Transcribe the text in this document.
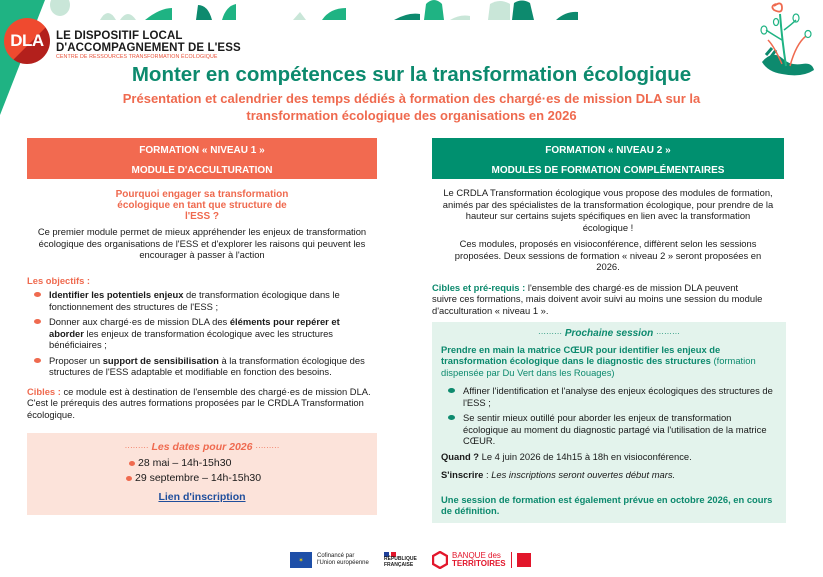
DLA LE DISPOSITIF LOCAL
D'ACCOMPAGNEMENT DE L'ESS
CENTRE DE RESSOURCES TRANSFORMATION ÉCOLOGIQUE
Monter en compétences sur la transformation écologique
Présentation et calendrier des temps dédiés à formation des chargé·es de mission DLA sur la transformation écologique des organisations en 2026
FORMATION « NIVEAU 1 »
MODULE D'ACCULTURATION
Pourquoi engager sa transformation écologique en tant que structure de l'ESS ?
Ce premier module permet de mieux appréhender les enjeux de transformation écologique des organisations de l'ESS et d'explorer les raisons qui peuvent les encourager à passer à l'action
Les objectifs :
Identifier les potentiels enjeux de transformation écologique dans le fonctionnement des structures de l'ESS ;
Donner aux chargé·es de mission DLA des éléments pour repérer et aborder les enjeux de transformation écologique avec les structures bénéficiaires ;
Proposer un support de sensibilisation à la transformation écologique des structures de l'ESS adaptable et modifiable en fonction des besoins.
Cibles : ce module est à destination de l'ensemble des chargé·es de mission DLA. C'est le prérequis des autres formations proposées par le CRDLA Transformation écologique.
········· Les dates pour 2026 ·········
28 mai – 14h-15h30
29 septembre – 14h-15h30
Lien d'inscription
FORMATION « NIVEAU 2 »
MODULES DE FORMATION COMPLÉMENTAIRES
Le CRDLA Transformation écologique vous propose des modules de formation, animés par des spécialistes de la transformation écologique, pour prendre de la hauteur sur certains sujets spécifiques en lien avec la transformation écologique !
Ces modules, proposés en visioconférence, diffèrent selon les sessions proposées. Deux sessions de formation « niveau 2 » seront proposées en 2026.
Cibles et pré-requis : l'ensemble des chargé·es de mission DLA peuvent suivre ces formations, mais doivent avoir suivi au moins une session du module d'acculturation « niveau 1 ».
········· Prochaine session ·········
Prendre en main la matrice CŒUR pour identifier les enjeux de transformation écologique dans le diagnostic des structures (formation dispensée par Du Vert dans les Rouages)
Affiner l'identification et l'analyse des enjeux écologiques des structures de l'ESS ;
Se sentir mieux outillé pour aborder les enjeux de transformation écologique au moment du diagnostic partagé via l'utilisation de la matrice CŒUR.
Quand ? Le 4 juin 2026 de 14h15 à 18h en visioconférence.
S'inscrire : Les inscriptions seront ouvertes début mars.
Une session de formation est également prévue en octobre 2026, en cours de définition.
✶
Cofinancé par
l'Union européenne
RÉPUBLIQUE
FRANÇAISE
BANQUE des
TERRITOIRES
